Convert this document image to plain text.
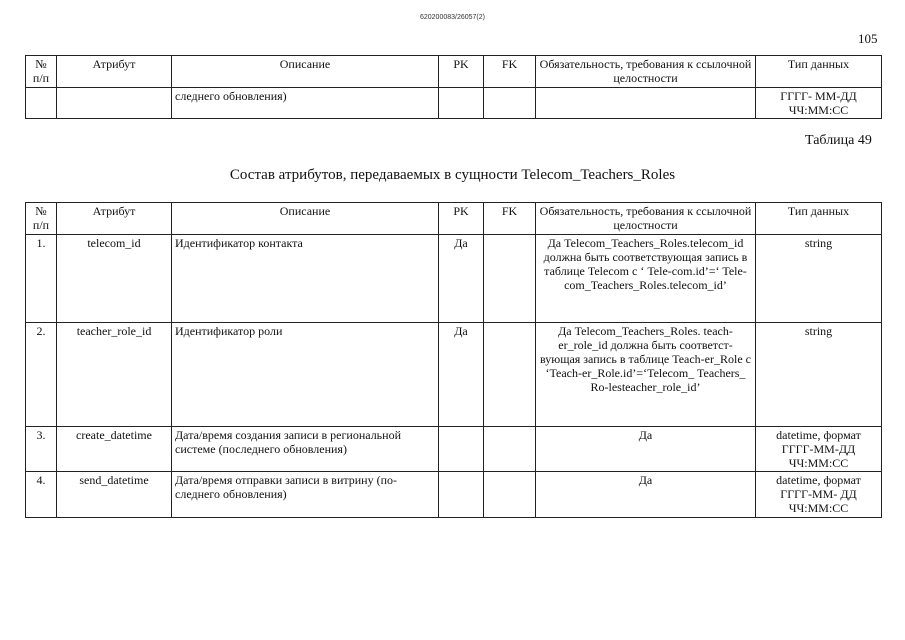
620200083/26057(2)
105
№ п/п	Атрибут	Описание	PK	FK	Обязательность, требования к ссылочной целостности	Тип данных
		следнего обновления)				ГГГГ- ММ-ДД ЧЧ:ММ:СС
Таблица 49
Состав атрибутов, передаваемых в сущности Telecom_Teachers_Roles
№ п/п	Атрибут	Описание	PK	FK	Обязательность, требования к ссылочной целостности	Тип данных
1.	telecom_id	Идентификатор контакта	Да		Да Telecom_Teachers_Roles.telecom_id должна быть соответствующая запись в таблице Telecom с ‘ Tele-com.id’=‘ Tele-com_Teachers_Roles.telecom_id’	string
2.	teacher_role_id	Идентификатор роли	Да		Да Telecom_Teachers_Roles. teach-er_role_id должна быть соответст-вующая запись в таблице Teach-er_Role с ‘Teach-er_Role.id’=‘Telecom_ Teachers_ Ro-lesteacher_role_id’	string
3.	create_datetime	Дата/время создания записи в региональной системе (последнего обновления)			Да	datetime, формат ГГГГ-ММ-ДД ЧЧ:ММ:СС
4.	send_datetime	Дата/время отправки записи в витрину (по-следнего обновления)			Да	datetime, формат ГГГГ-ММ- ДД ЧЧ:ММ:СС
